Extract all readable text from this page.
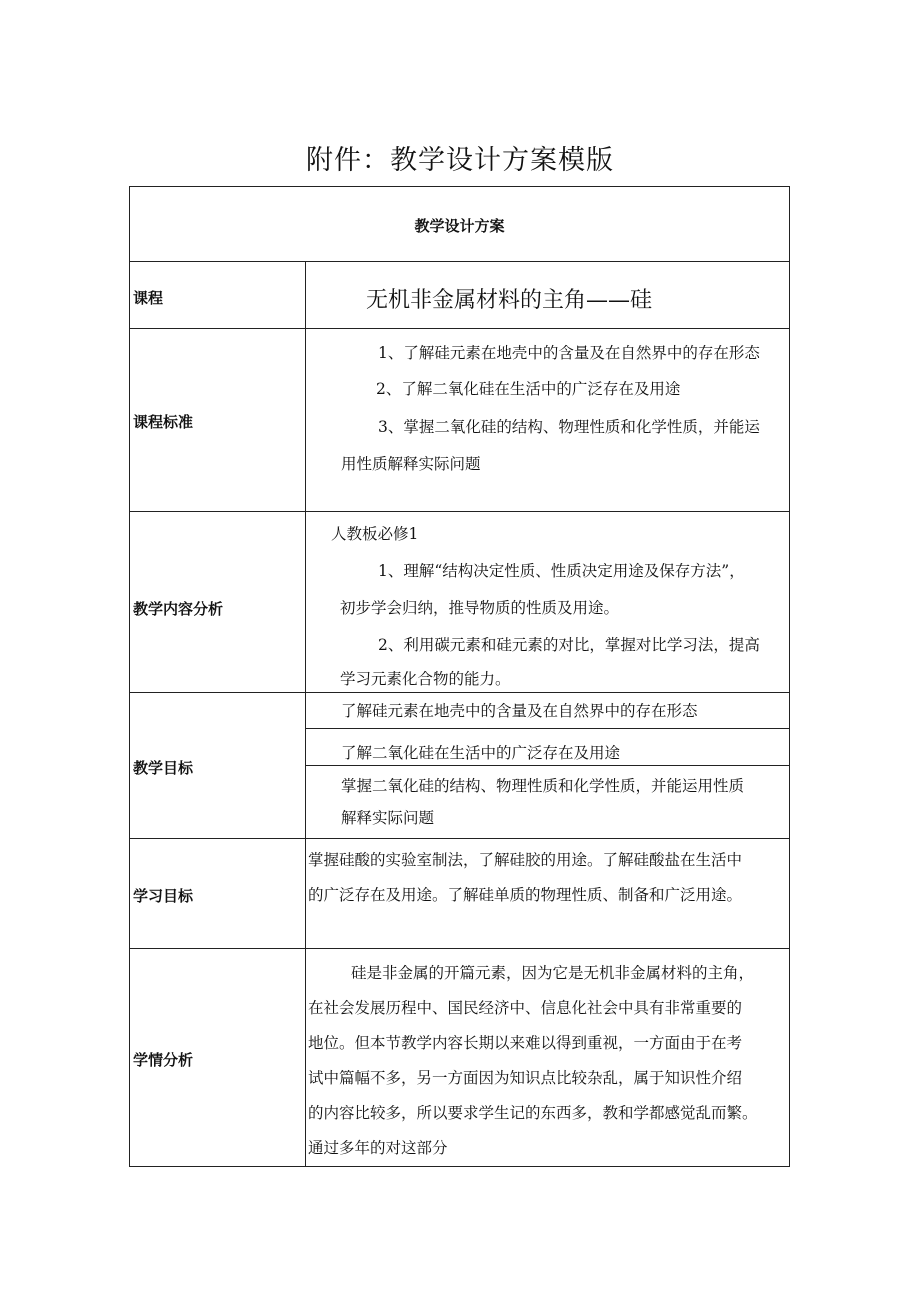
附件：教学设计方案模版
教学设计方案
课程	无机非金属材料的主角——硅
课程标准
1、了解硅元素在地壳中的含量及在自然界中的存在形态
2、了解二氧化硅在生活中的广泛存在及用途
3、掌握二氧化硅的结构、物理性质和化学性质，并能运
用性质解释实际问题
教学内容分析
人教板必修1
1、理解“结构决定性质、性质决定用途及保存方法”，
初步学会归纳，推导物质的性质及用途。
2、利用碳元素和硅元素的对比，掌握对比学习法，提高
学习元素化合物的能力。
教学目标
了解硅元素在地壳中的含量及在自然界中的存在形态
了解二氧化硅在生活中的广泛存在及用途
掌握二氧化硅的结构、物理性质和化学性质，并能运用性质
解释实际问题
学习目标
掌握硅酸的实验室制法，了解硅胶的用途。了解硅酸盐在生活中
的广泛存在及用途。了解硅单质的物理性质、制备和广泛用途。
学情分析
硅是非金属的开篇元素，因为它是无机非金属材料的主角，
在社会发展历程中、国民经济中、信息化社会中具有非常重要的
地位。但本节教学内容长期以来难以得到重视，一方面由于在考
试中篇幅不多，另一方面因为知识点比较杂乱，属于知识性介绍
的内容比较多，所以要求学生记的东西多，教和学都感觉乱而繁。
通过多年的对这部分
